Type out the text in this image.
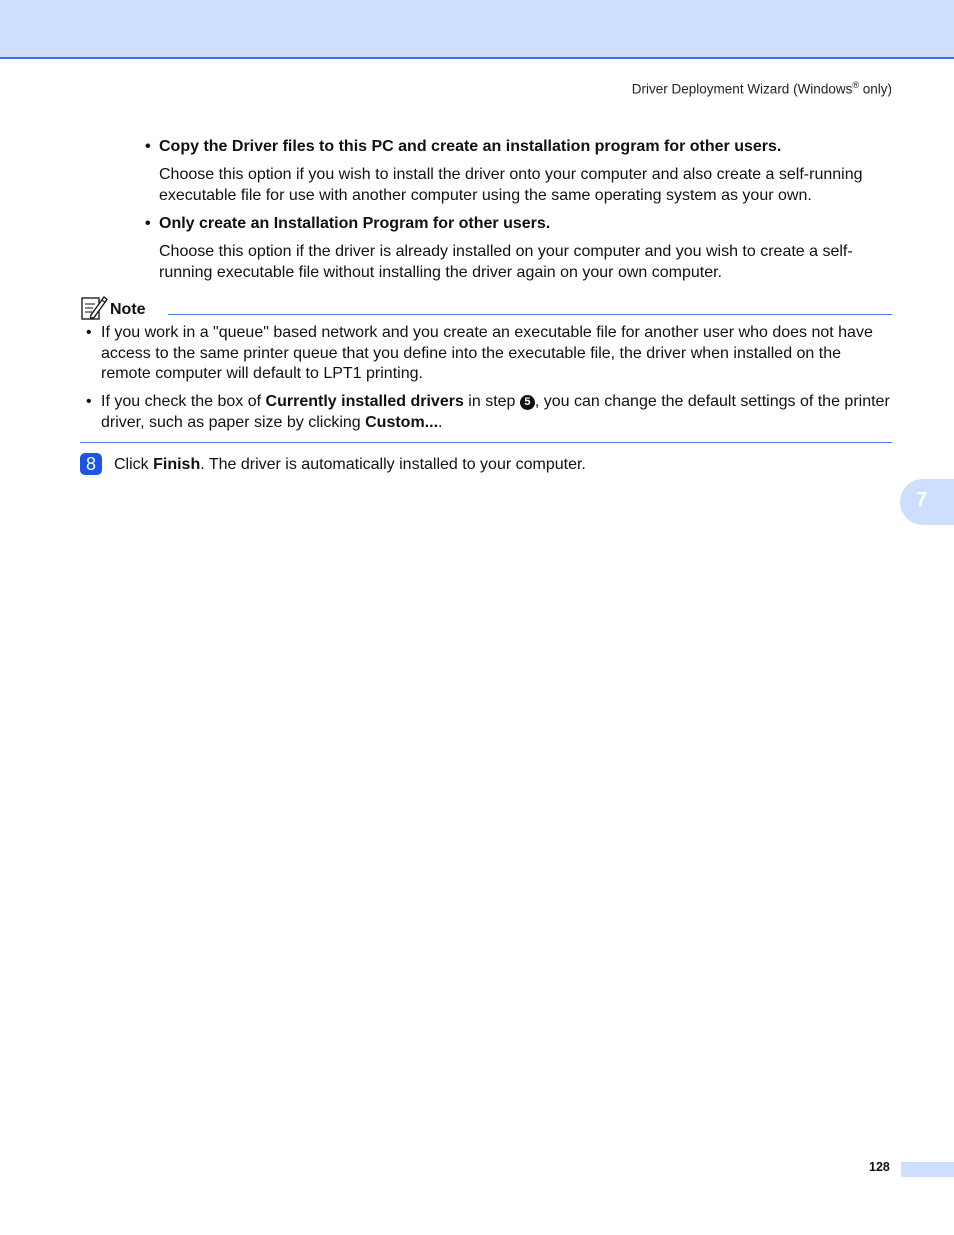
Driver Deployment Wizard (Windows® only)
• Copy the Driver files to this PC and create an installation program for other users.
Choose this option if you wish to install the driver onto your computer and also create a self-running executable file for use with another computer using the same operating system as your own.
• Only create an Installation Program for other users.
Choose this option if the driver is already installed on your computer and you wish to create a self-running executable file without installing the driver again on your own computer.
Note
• If you work in a "queue" based network and you create an executable file for another user who does not have access to the same printer queue that you define into the executable file, the driver when installed on the remote computer will default to LPT1 printing.
• If you check the box of Currently installed drivers in step 5 , you can change the default settings of the printer driver, such as paper size by clicking Custom....
8	Click Finish. The driver is automatically installed to your computer.
7
128
